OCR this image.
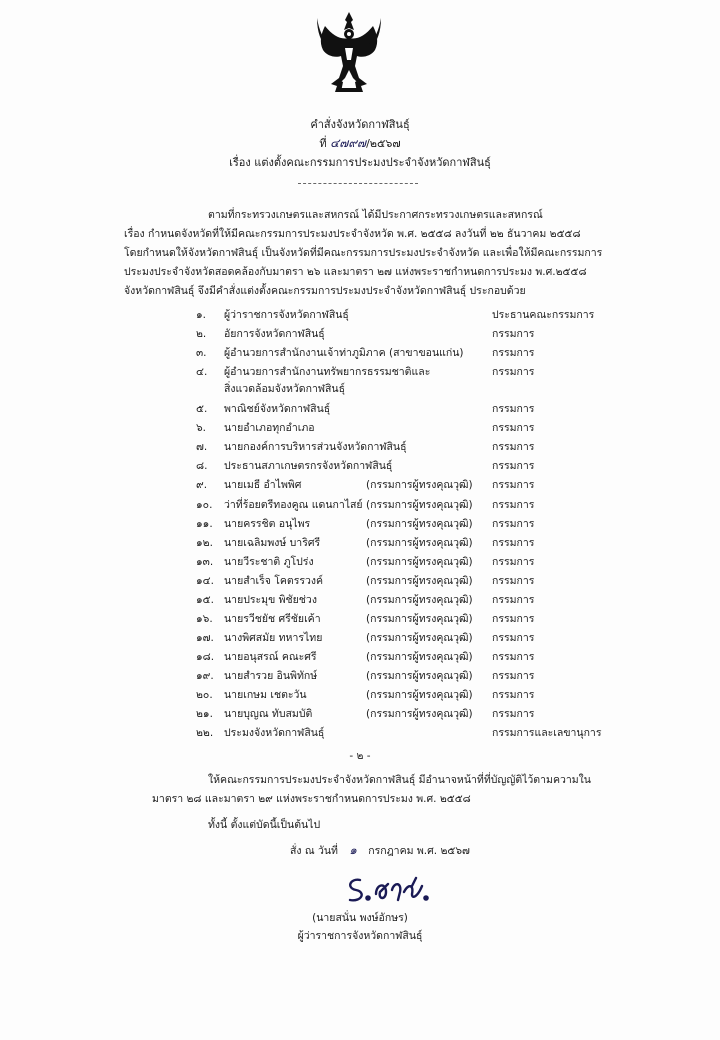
คำสั่งจังหวัดกาฬสินธุ์
ที่ ๔๗๙๗/๒๕๖๗
เรื่อง แต่งตั้งคณะกรรมการประมงประจำจังหวัดกาฬสินธุ์
ตามที่กระทรวงเกษตรและสหกรณ์ ได้มีประกาศกระทรวงเกษตรและสหกรณ์
เรื่อง กำหนดจังหวัดที่ให้มีคณะกรรมการประมงประจำจังหวัด พ.ศ. ๒๕๕๘ ลงวันที่ ๒๒ ธันวาคม ๒๕๕๘
โดยกำหนดให้จังหวัดกาฬสินธุ์ เป็นจังหวัดที่มีคณะกรรมการประมงประจำจังหวัด และเพื่อให้มีคณะกรรมการ
ประมงประจำจังหวัดสอดคล้องกับมาตรา ๒๖ และมาตรา ๒๗ แห่งพระราชกำหนดการประมง พ.ศ.๒๕๕๘
จังหวัดกาฬสินธุ์ จึงมีคำสั่งแต่งตั้งคณะกรรมการประมงประจำจังหวัดกาฬสินธุ์ ประกอบด้วย
๑. ผู้ว่าราชการจังหวัดกาฬสินธุ์	ประธานคณะกรรมการ
๒. อัยการจังหวัดกาฬสินธุ์	กรรมการ
๓. ผู้อำนวยการสำนักงานเจ้าท่าภูมิภาค (สาขาขอนแก่น)	กรรมการ
๔. ผู้อำนวยการสำนักงานทรัพยากรธรรมชาติและ	กรรมการ
สิ่งแวดล้อมจังหวัดกาฬสินธุ์
๕. พาณิชย์จังหวัดกาฬสินธุ์	กรรมการ
๖. นายอำเภอทุกอำเภอ	กรรมการ
๗. นายกองค์การบริหารส่วนจังหวัดกาฬสินธุ์	กรรมการ
๘. ประธานสภาเกษตรกรจังหวัดกาฬสินธุ์	กรรมการ
๙. นายเมธี อำไพพิศ	(กรรมการผู้ทรงคุณวุฒิ) กรรมการ
๑๐. ว่าที่ร้อยตรีทองคูณ แดนกาไสย์ (กรรมการผู้ทรงคุณวุฒิ) กรรมการ
๑๑. นายครรชิต อนุไพร	(กรรมการผู้ทรงคุณวุฒิ) กรรมการ
๑๒. นายเฉลิมพงษ์ บาริศรี	(กรรมการผู้ทรงคุณวุฒิ) กรรมการ
๑๓. นายวีระชาติ ภูโปร่ง	(กรรมการผู้ทรงคุณวุฒิ) กรรมการ
๑๔. นายสำเร็จ โคตรรวงค์	(กรรมการผู้ทรงคุณวุฒิ) กรรมการ
๑๕. นายประมุข พิชัยช่วง	(กรรมการผู้ทรงคุณวุฒิ) กรรมการ
๑๖. นายรวีชยัช ศรีชัยเค้า	(กรรมการผู้ทรงคุณวุฒิ) กรรมการ
๑๗. นางพิศสมัย ทหารไทย	(กรรมการผู้ทรงคุณวุฒิ) กรรมการ
๑๘. นายอนุสรณ์ คณะศรี	(กรรมการผู้ทรงคุณวุฒิ) กรรมการ
๑๙. นายสำรวย อินพิทักษ์	(กรรมการผู้ทรงคุณวุฒิ) กรรมการ
๒๐. นายเกษม เชตะวัน	(กรรมการผู้ทรงคุณวุฒิ) กรรมการ
๒๑. นายบุญณ ทับสมบัติ	(กรรมการผู้ทรงคุณวุฒิ) กรรมการ
๒๒. ประมงจังหวัดกาฬสินธุ์	กรรมการและเลขานุการ
- ๒ -
ให้คณะกรรมการประมงประจำจังหวัดกาฬสินธุ์ มีอำนาจหน้าที่ที่บัญญัติไว้ตามความใน
มาตรา ๒๘ และมาตรา ๒๙ แห่งพระราชกำหนดการประมง พ.ศ. ๒๕๕๘
ทั้งนี้ ตั้งแต่บัดนี้เป็นต้นไป
สั่ง ณ วันที่ ๑ กรกฎาคม พ.ศ. ๒๕๖๗
(นายสนั่น พงษ์อักษร)
ผู้ว่าราชการจังหวัดกาฬสินธุ์
